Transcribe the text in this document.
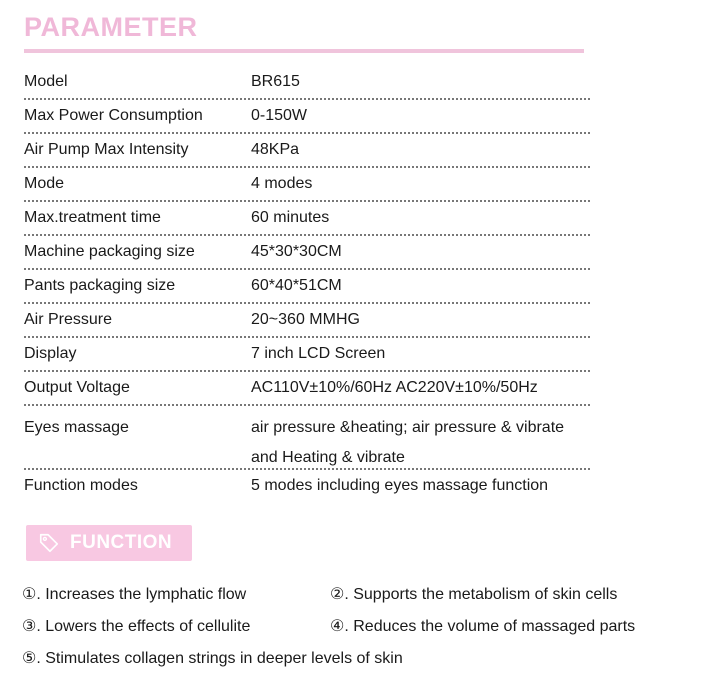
PARAMETER
Model	BR615
Max Power Consumption	0-150W
Air Pump Max Intensity	48KPa
Mode	4 modes
Max.treatment time	60 minutes
Machine packaging size	45*30*30CM
Pants packaging size	60*40*51CM
Air Pressure	20~360 MMHG
Display	7 inch LCD Screen
Output Voltage	AC110V±10%/60Hz AC220V±10%/50Hz
Eyes massage	air pressure &heating; air pressure & vibrate
and Heating & vibrate
Function modes	5 modes including eyes massage function
FUNCTION
①. Increases the lymphatic flow	②. Supports the metabolism of skin cells
③. Lowers the effects of cellulite	④. Reduces the volume of massaged parts
⑤. Stimulates collagen strings in deeper levels of skin
